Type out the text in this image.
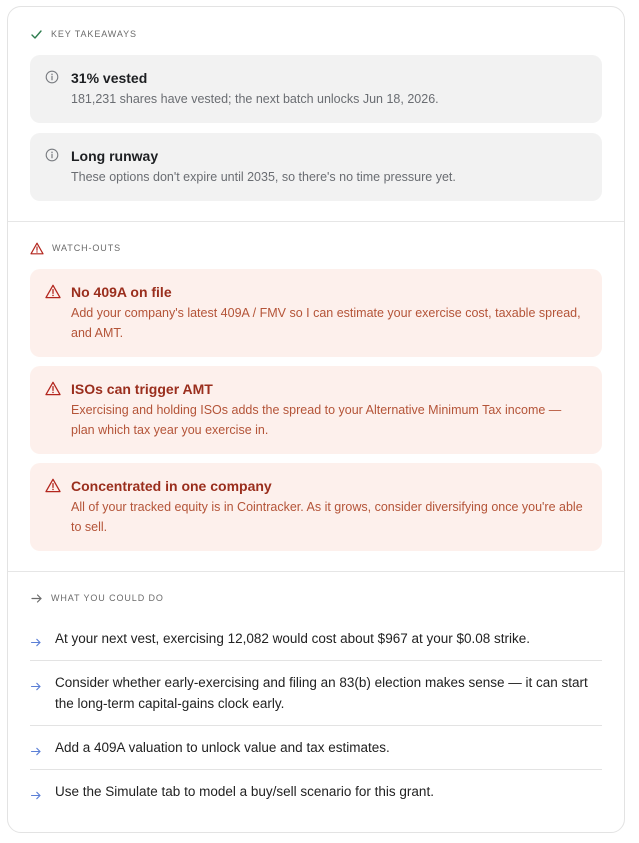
KEY TAKEAWAYS
31% vested
181,231 shares have vested; the next batch unlocks Jun 18, 2026.
Long runway
These options don't expire until 2035, so there's no time pressure yet.
WATCH-OUTS
No 409A on file
Add your company's latest 409A / FMV so I can estimate your exercise cost, taxable spread, and AMT.
ISOs can trigger AMT
Exercising and holding ISOs adds the spread to your Alternative Minimum Tax income — plan which tax year you exercise in.
Concentrated in one company
All of your tracked equity is in Cointracker. As it grows, consider diversifying once you're able to sell.
WHAT YOU COULD DO
At your next vest, exercising 12,082 would cost about $967 at your $0.08 strike.
Consider whether early-exercising and filing an 83(b) election makes sense — it can start the long-term capital-gains clock early.
Add a 409A valuation to unlock value and tax estimates.
Use the Simulate tab to model a buy/sell scenario for this grant.
